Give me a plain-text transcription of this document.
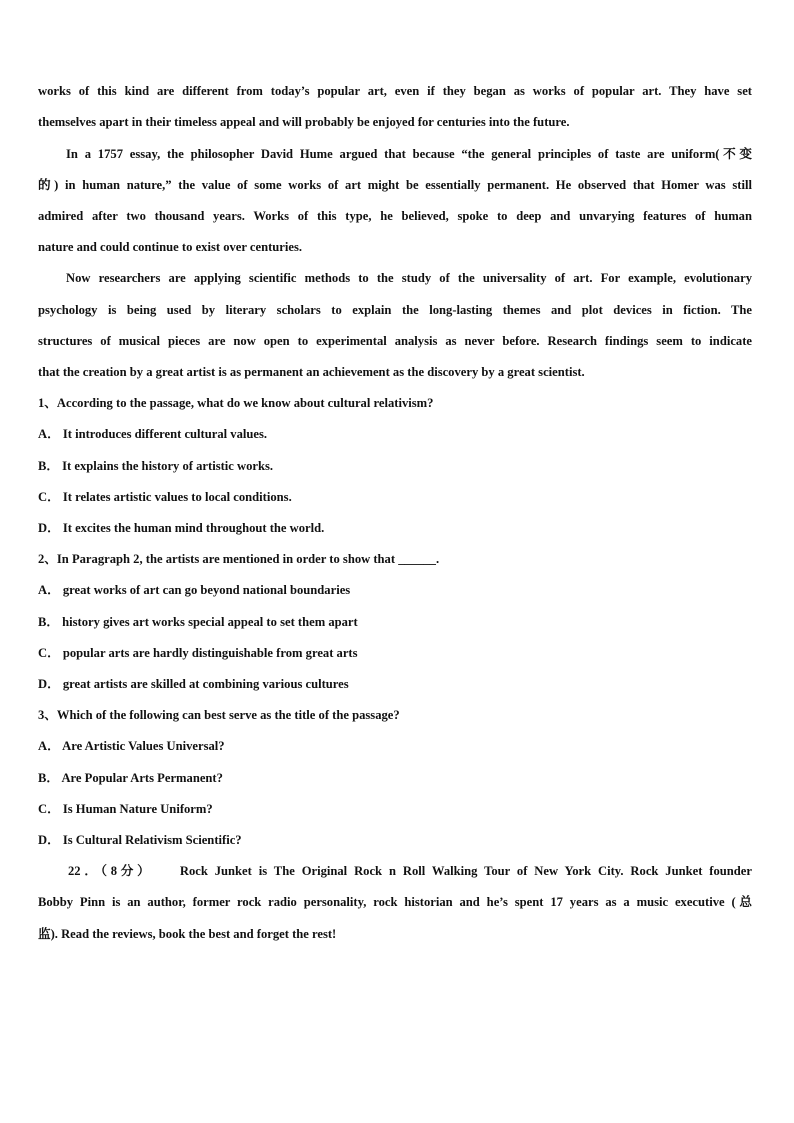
works of this kind are different from today’s popular art, even if they began as works of popular art. They have set
themselves apart in their timeless appeal and will probably be enjoyed for centuries into the future.
In a 1757 essay, the philosopher David Hume argued that because “the general principles of taste are uniform(不变
的) in human nature,” the value of some works of art might be essentially permanent. He observed that Homer was still
admired after two thousand years. Works of this type, he believed, spoke to deep and unvarying features of human
nature and could continue to exist over centuries.
Now researchers are applying scientific methods to the study of the universality of art. For example, evolutionary
psychology is being used by literary scholars to explain the long-lasting themes and plot devices in fiction. The
structures of musical pieces are now open to experimental analysis as never before. Research findings seem to indicate
that the creation by a great artist is as permanent an achievement as the discovery by a great scientist.
1、According to the passage, what do we know about cultural relativism?
A． It introduces different cultural values.
B． It explains the history of artistic works.
C． It relates artistic values to local conditions.
D． It excites the human mind throughout the world.
2、In Paragraph 2, the artists are mentioned in order to show that ______.
A． great works of art can go beyond national boundaries
B． history gives art works special appeal to set them apart
C． popular arts are hardly distinguishable from great arts
D． great artists are skilled at combining various cultures
3、Which of the following can best serve as the title of the passage?
A． Are Artistic Values Universal?
B． Are Popular Arts Permanent?
C． Is Human Nature Uniform?
D． Is Cultural Relativism Scientific?
22．（8分）　　Rock Junket is The Original Rock n Roll Walking Tour of New York City. Rock Junket founder
Bobby Pinn is an author, former rock radio personality, rock historian and he’s spent 17 years as a music executive (总
监). Read the reviews, book the best and forget the rest!
